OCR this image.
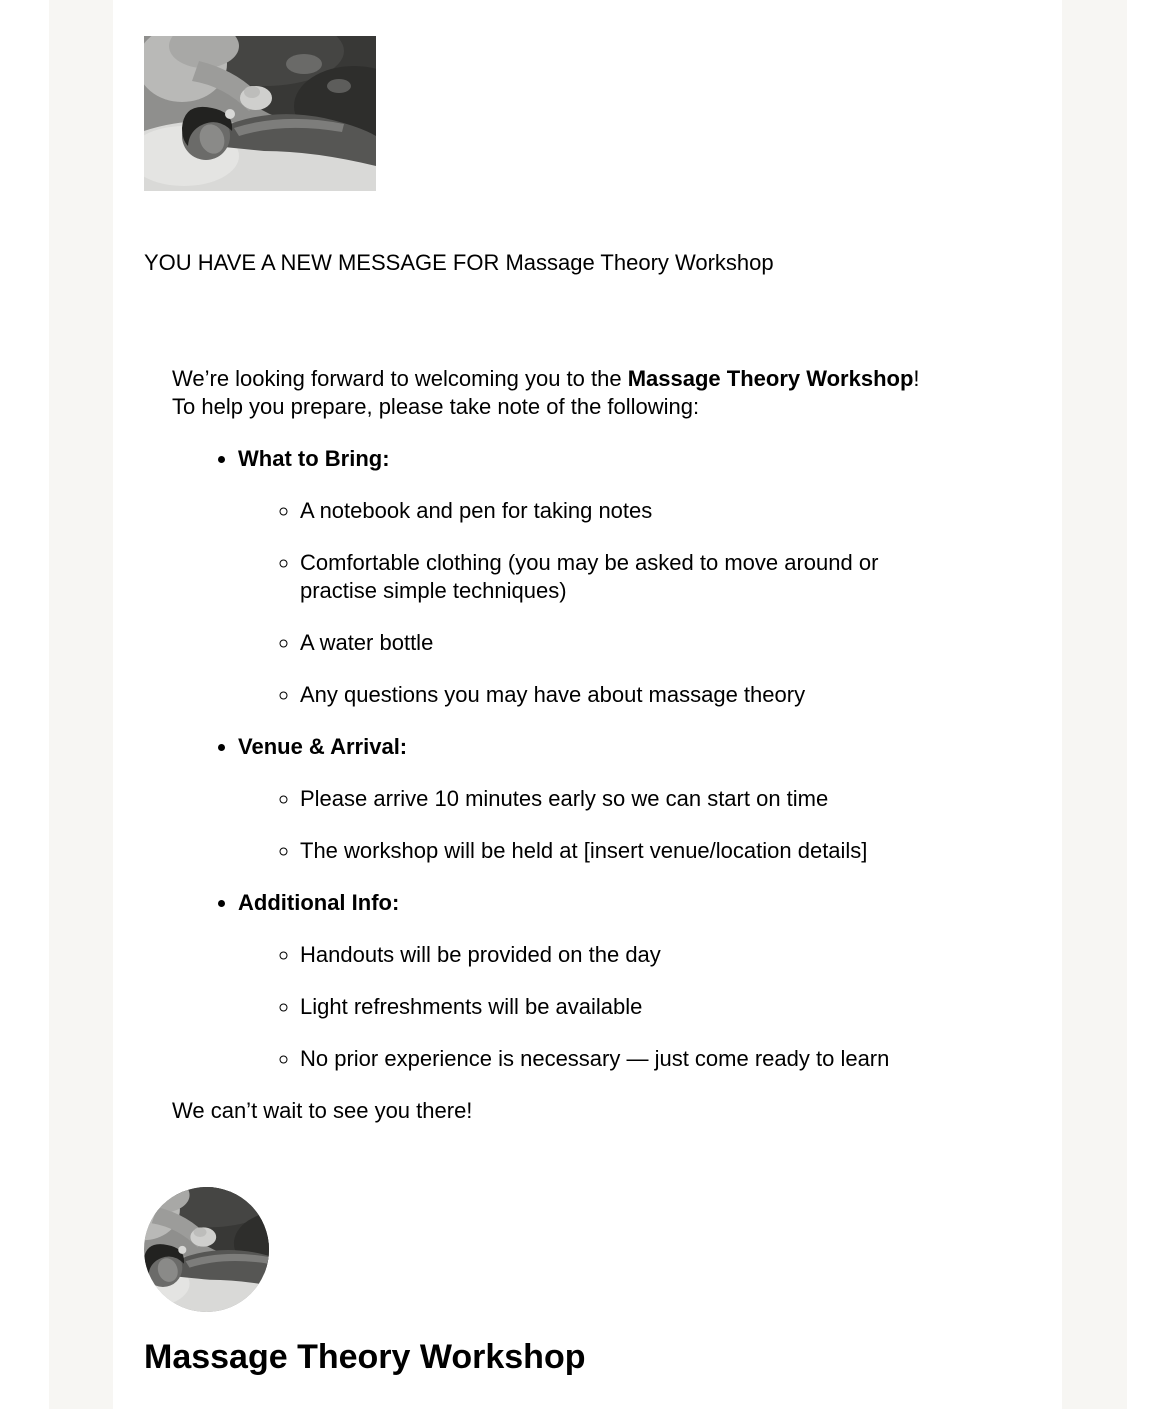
YOU HAVE A NEW MESSAGE FOR Massage Theory Workshop

We’re looking forward to welcoming you to the Massage Theory Workshop!
To help you prepare, please take note of the following:

• What to Bring:
◦ A notebook and pen for taking notes
◦ Comfortable clothing (you may be asked to move around or practise simple techniques)
◦ A water bottle
◦ Any questions you may have about massage theory
• Venue & Arrival:
◦ Please arrive 10 minutes early so we can start on time
◦ The workshop will be held at [insert venue/location details]
• Additional Info:
◦ Handouts will be provided on the day
◦ Light refreshments will be available
◦ No prior experience is necessary — just come ready to learn

We can’t wait to see you there!

Massage Theory Workshop
